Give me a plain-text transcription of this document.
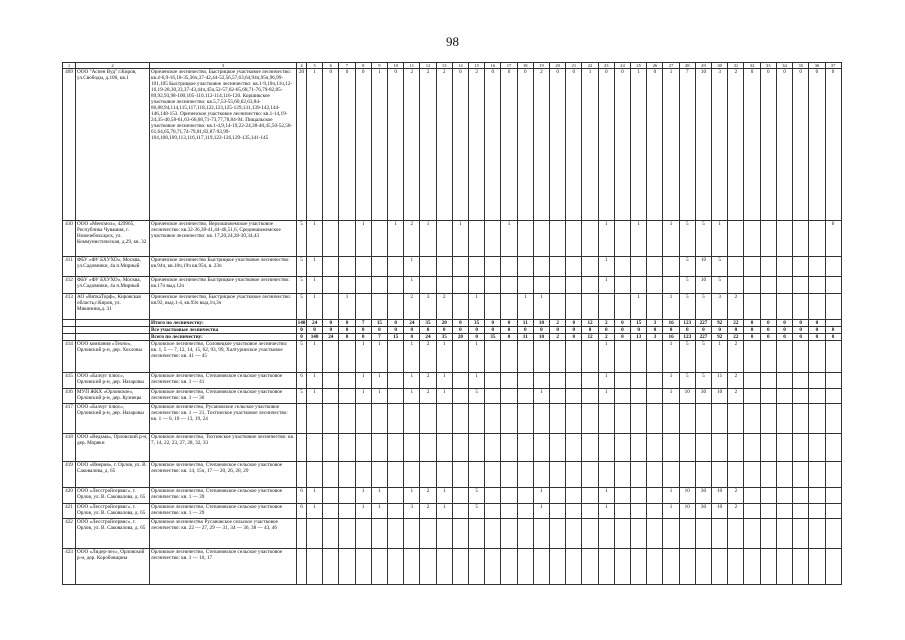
98
1	2	3	4	5	6	7	8	9	10	11	12	13	14	15	16	17	18	19	20	21	22	23	24	25	26	27	28	29	30	31	32	33	34	35	36	37
409	ООО "Аспен Вуд" г.Киров, ул.Свободы, д.106, кв.1	Ориченское лесничество, Быстрицкое участковое лесничество: кв.4-6,9-16,18-35,36ч,37-42,44-52,56,57,63,64,94ч,95ч,96,99-101,105 Быстрицкое участковое лесничество: кв.1-9,10ч,11ч,12-16,19-28,30,33,37-43,44ч,45ч,52-57,62-65,68,71-76,79-82,85-89,92,93,98-100,105-110,112-114,116-120. Коршикское участковое лесничество: кв.5,7,53-55,60,62,63,84-86,88,94,114,115,117,118,122,123,125-129,131,139-142,144-146,148-153. Ориченское участковое лесничество: кв.1-14,19-24,35-40,58-61,63-66,68,71-73,77,78,84-94. Пищальское участковое лесничество: кв.1-4,9,14-19,22-24,38-40,45,50-52,58-61,64,65,70,71,74-79,81,82,87-93,99-104,108,109,113,116,117,119,122-126,129-135,141-145	20	1	0	0	0	1	0	2	2	2	0	2	0	0	0	2	0	0	1	0	0	1	0	1	7	10	3	2	0	0	0	0	0	0
410	ООО «Менсмол», 429965, Республика Чувашия, г. Новочебоксарск, ул. Коммунистическая, д.29, кв. 32	Ориченское лесничество, Верхошижемское участковое лесничество: кв.32-36,38-41,44-46,51,6, Среднешижемское участковое лесничество: кв. 17,20,24,28-30,34,43	5	1			1		1	2	1		1			1						1		1		1	5	5	1							0
411	ФБУ «ФУ БХУХО», Москва, ул.Садовники, 4а п.Мирный	Ориченское лесничество Быстрицкое участковое лесничество: кв.94ч, кв.18ч,19ч кв.95ч, в. 23ч	5	1						1												1					5	10	5							
412	ФБУ «ФУ БХУХО», Москва, ул.Садовники, 4а п.Мирный	Ориченское лесничество Быстрицкое участковое лесничество: кв.17ч выд.12ч	5	1						1												1					5	10	5							
413	АО «ВяткаТорф», Кировская область,г.Киров, ул. Мякинина,д. 31	Ориченское лесничество, Быстрицкое участковое лесничество: кв.92, выд.1-4, кв.93ч выд.1ч,3ч	5	1		1				2	3	2		1			1	1						1		1	5	5	3	2						
		Итого по лесничеству:	140	24	0	0	7	15	0	24	35	20	0	35	0	0	11	10	2	0	12	2	0	15	3	16	123	227	92	22	0	0	0	0	0	
		Все участковые лесничества	0	0	0	0	0	0	0	0	0	0	0	0	0	0	0	0	0	0	0	0	0	0	0	0	0	0	0	0	0	0	0	0	0	0
		Всего по лесничеству:	0	140	24	0	0	7	15	0	24	35	20	0	35	0	11	10	2	0	12	2	0	13	3	16	123	227	92	22	0	0	0	0	0	0
414	ООО компания «Техно», Орловский р-н, дер. Хохловы	Орловское лесничество, Соловецкое участковое лесничество: кв. 1, 5 — 7, 12, 14, 15, 62, 93, 99, Халтуринское участковое лесничество: кв. 41 — 45	5	1			1	1		1	2	1		1								1				1	5	5	1	2						
415	ООО «Балчуг плюс», Орловский р-н, дер. Назаровы	Орловское лесничество, Степановское сельское участковое лесничество: кв. 1 — 41	6	1			1	1		1	2	1		1								1				1	5	5	11	2						
416	МУП ЖКХ «Орловское», Орловский р-н, дер. Кузнецы	Орловское лесничество, Степановское сельское участковое лесничество: кв. 1 — 30	5	1			1	1		1	2	1		5				1				1				1	10	30	10	2						
417	ООО «Балчуг плюс», Орловский р-н, дер. Назаровы	Орловское лесничество, Русановское сельское участковое лесничество: кв. 1 — 21, Тохтинское участковое лесничество: кв. 1 — 6, 10 — 13, 19, 24																																		
418	ООО «Ведьма», Орловский р-н, дер. Моряки	Орловское лесничество, Тохтинское участковое лесничество: кв. 7, 14, 22, 23, 27, 28, 32, 33																																		
419	ООО «Инерия», г. Орлов, ул. В. Саковалова, д. 65	Орловское лесничество, Степановское сельское участковое лесничество: кв. 14, 15ч, 17 — 20, 26, 28, 29																																		
420	ООО «Лесстройсервис», г. Орлов, ул. В. Саковалова, д. 65	Орловское лесничество, Степановское сельское участковое лесничество: кв. 1 — 39	6	1			1	1		1	2	1		5				1				1				1	10	30	10	2						
421	ООО «Лесстройсервис», г. Орлов, ул. В. Саковалова, д. 65	Орловское лесничество, Степановское сельское участковое лесничество: кв. 1 — 29	6	1			1	1		3	2	1		5				1				1				1	10	30	10	2						
422	ООО «Лесстройсервис», г. Орлов, ул. В. Саковалова, д. 65	Орловское лесничество Русановское сельское участковое лесничество: кв. 22 — 27, 29 — 31, 34 — 36, 38 — 43, 46																																		
423	ООО «Лидер-лес», Орловский р-н, дер. Коробовщина	Орловское лесничество, Степановское сельское участковое лесничество: кв. 1 — 10, 17																																		
